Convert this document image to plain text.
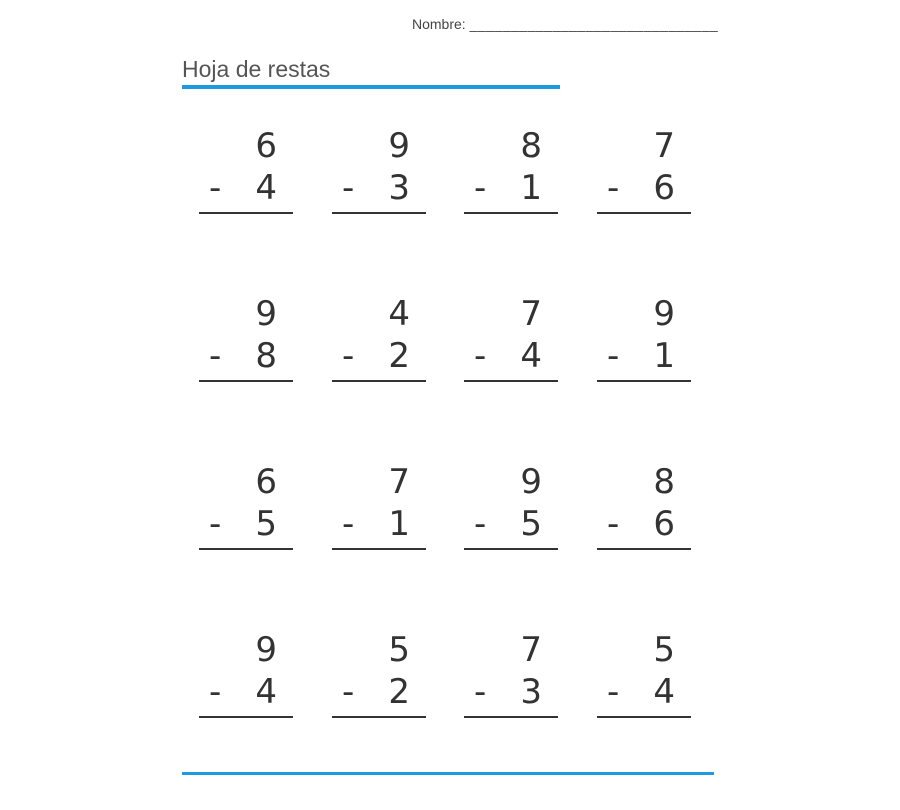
Nombre: ______________________________
Hoja de restas
6
- 4
9
- 3
8
- 1
7
- 6
9
- 8
4
- 2
7
- 4
9
- 1
6
- 5
7
- 1
9
- 5
8
- 6
9
- 4
5
- 2
7
- 3
5
- 4
